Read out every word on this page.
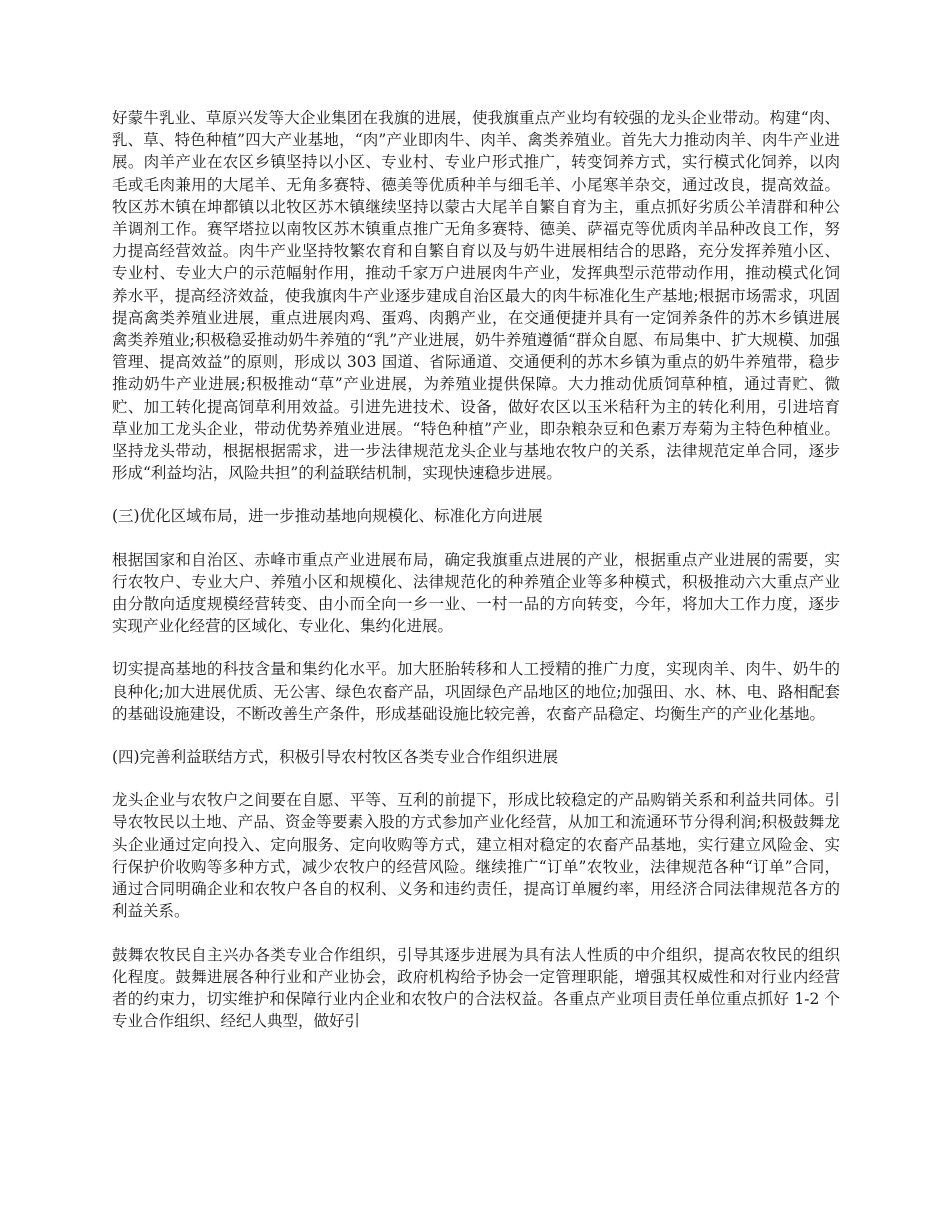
好蒙牛乳业、草原兴发等大企业集团在我旗的进展，使我旗重点产业均有较强的龙头企业带动。构建“肉、乳、草、特色种植”四大产业基地，“肉”产业即肉牛、肉羊、禽类养殖业。首先大力推动肉羊、肉牛产业进展。肉羊产业在农区乡镇坚持以小区、专业村、专业户形式推广，转变饲养方式，实行模式化饲养，以肉毛或毛肉兼用的大尾羊、无角多赛特、德美等优质种羊与细毛羊、小尾寒羊杂交，通过改良，提高效益。牧区苏木镇在坤都镇以北牧区苏木镇继续坚持以蒙古大尾羊自繁自育为主，重点抓好劣质公羊清群和种公羊调剂工作。赛罕塔拉以南牧区苏木镇重点推广无角多赛特、德美、萨福克等优质肉羊品种改良工作，努力提高经营效益。肉牛产业坚持牧繁农育和自繁自育以及与奶牛进展相结合的思路，充分发挥养殖小区、专业村、专业大户的示范幅射作用，推动千家万户进展肉牛产业，发挥典型示范带动作用，推动模式化饲养水平，提高经济效益，使我旗肉牛产业逐步建成自治区最大的肉牛标准化生产基地;根据市场需求，巩固提高禽类养殖业进展，重点进展肉鸡、蛋鸡、肉鹅产业，在交通便捷并具有一定饲养条件的苏木乡镇进展禽类养殖业;积极稳妥推动奶牛养殖的“乳”产业进展，奶牛养殖遵循“群众自愿、布局集中、扩大规模、加强管理、提高效益”的原则，形成以 303 国道、省际通道、交通便利的苏木乡镇为重点的奶牛养殖带，稳步推动奶牛产业进展;积极推动“草”产业进展，为养殖业提供保障。大力推动优质饲草种植，通过青贮、微贮、加工转化提高饲草利用效益。引进先进技术、设备，做好农区以玉米秸秆为主的转化利用，引进培育草业加工龙头企业，带动优势养殖业进展。“特色种植”产业，即杂粮杂豆和色素万寿菊为主特色种植业。坚持龙头带动，根据根据需求，进一步法律规范龙头企业与基地农牧户的关系，法律规范定单合同，逐步形成“利益均沾，风险共担”的利益联结机制，实现快速稳步进展。

(三)优化区域布局，进一步推动基地向规模化、标准化方向进展

根据国家和自治区、赤峰市重点产业进展布局，确定我旗重点进展的产业，根据重点产业进展的需要，实行农牧户、专业大户、养殖小区和规模化、法律规范化的种养殖企业等多种模式，积极推动六大重点产业由分散向适度规模经营转变、由小而全向一乡一业、一村一品的方向转变，今年，将加大工作力度，逐步实现产业化经营的区域化、专业化、集约化进展。

切实提高基地的科技含量和集约化水平。加大胚胎转移和人工授精的推广力度，实现肉羊、肉牛、奶牛的良种化;加大进展优质、无公害、绿色农畜产品，巩固绿色产品地区的地位;加强田、水、林、电、路相配套的基础设施建设，不断改善生产条件，形成基础设施比较完善，农畜产品稳定、均衡生产的产业化基地。

(四)完善利益联结方式，积极引导农村牧区各类专业合作组织进展

龙头企业与农牧户之间要在自愿、平等、互利的前提下，形成比较稳定的产品购销关系和利益共同体。引导农牧民以土地、产品、资金等要素入股的方式参加产业化经营，从加工和流通环节分得利润;积极鼓舞龙头企业通过定向投入、定向服务、定向收购等方式，建立相对稳定的农畜产品基地，实行建立风险金、实行保护价收购等多种方式，减少农牧户的经营风险。继续推广“订单”农牧业，法律规范各种“订单”合同，通过合同明确企业和农牧户各自的权利、义务和违约责任，提高订单履约率，用经济合同法律规范各方的利益关系。

鼓舞农牧民自主兴办各类专业合作组织，引导其逐步进展为具有法人性质的中介组织，提高农牧民的组织化程度。鼓舞进展各种行业和产业协会，政府机构给予协会一定管理职能，增强其权威性和对行业内经营者的约束力，切实维护和保障行业内企业和农牧户的合法权益。各重点产业项目责任单位重点抓好 1-2 个专业合作组织、经纪人典型，做好引
